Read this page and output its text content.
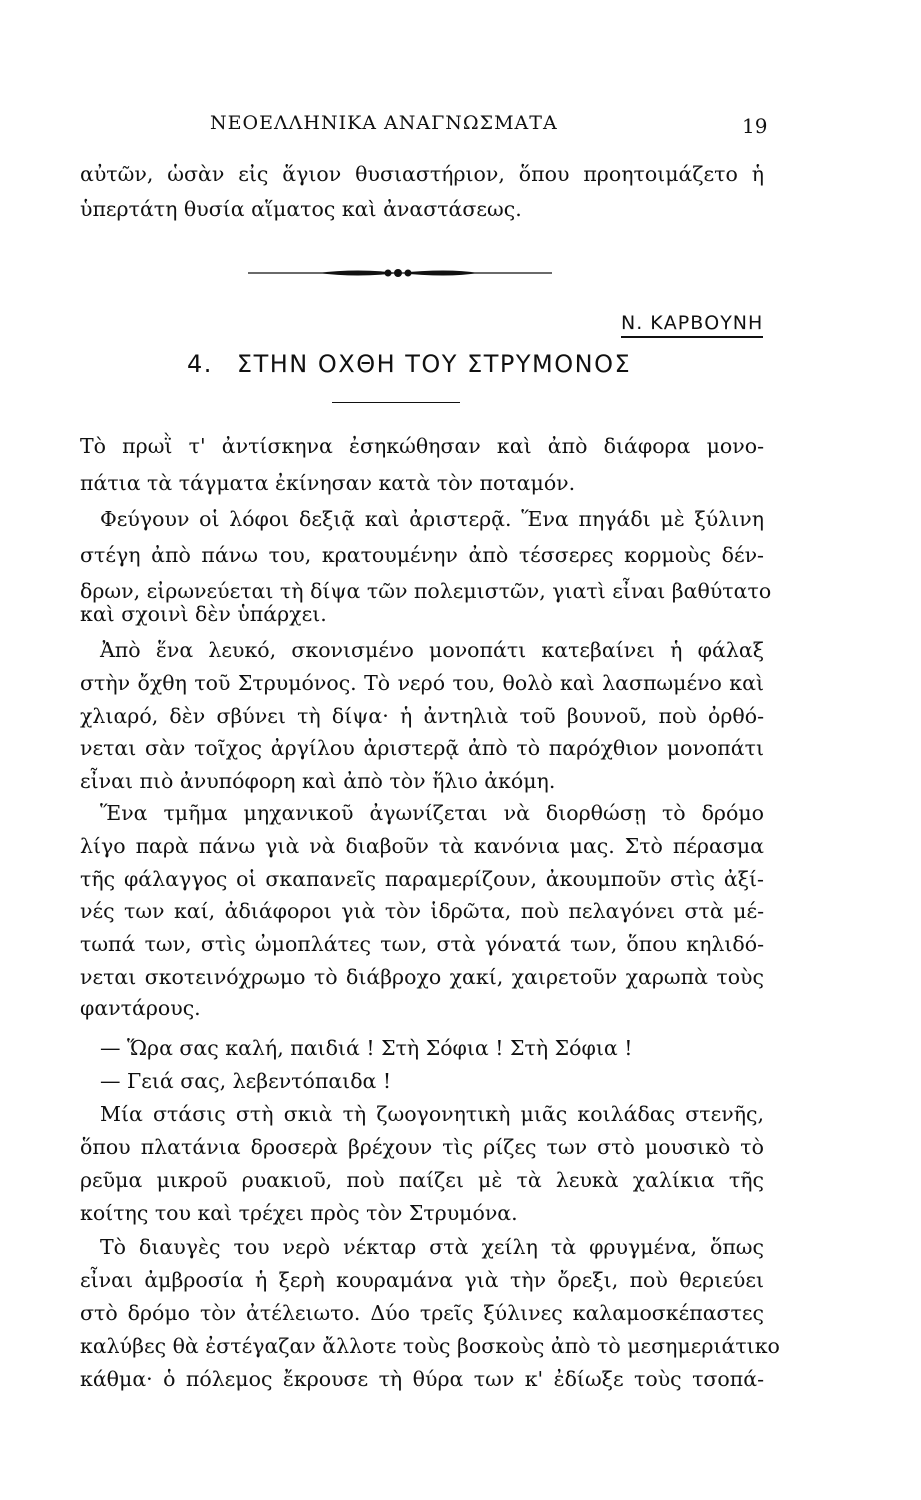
ΝΕΟΕΛΛΗΝΙΚΑ ΑΝΑΓΝΩΣΜΑΤΑ	19
αὐτῶν, ὡσὰν εἰς ἅγιον θυσιαστήριον, ὅπου προητοιμάζετο ἡ
ὑπερτάτη θυσία αἵματος καὶ ἀναστάσεως.
Ν. ΚΑΡΒΟΥΝΗ
4. ΣΤΗΝ ΟΧΘΗ ΤΟΥ ΣΤΡΥΜΟΝΟΣ
Τὸ πρωῒ τ' ἀντίσκηνα ἐσηκώθησαν καὶ ἀπὸ διάφορα μονο-
πάτια τὰ τάγματα ἐκίνησαν κατὰ τὸν ποταμόν.
Φεύγουν οἱ λόφοι δεξιᾷ καὶ ἀριστερᾷ. Ἕνα πηγάδι μὲ ξύλινη
στέγη ἀπὸ πάνω του, κρατουμένην ἀπὸ τέσσερες κορμοὺς δέν-
δρων, εἰρωνεύεται τὴ δίψα τῶν πολεμιστῶν, γιατὶ εἶναι βαθύτατο
καὶ σχοινὶ δὲν ὑπάρχει.
Ἀπὸ ἕνα λευκό, σκονισμένο μονοπάτι κατεβαίνει ἡ φάλαξ
στὴν ὄχθη τοῦ Στρυμόνος. Τὸ νερό του, θολὸ καὶ λασπωμένο καὶ
χλιαρό, δὲν σβύνει τὴ δίψα· ἡ ἀντηλιὰ τοῦ βουνοῦ, ποὺ ὀρθό-
νεται σὰν τοῖχος ἀργίλου ἀριστερᾷ ἀπὸ τὸ παρόχθιον μονοπάτι
εἶναι πιὸ ἀνυπόφορη καὶ ἀπὸ τὸν ἥλιο ἀκόμη.
Ἕνα τμῆμα μηχανικοῦ ἀγωνίζεται νὰ διορθώσῃ τὸ δρόμο
λίγο παρὰ πάνω γιὰ νὰ διαβοῦν τὰ κανόνια μας. Στὸ πέρασμα
τῆς φάλαγγος οἱ σκαπανεῖς παραμερίζουν, ἀκουμποῦν στὶς ἀξί-
νές των καί, ἀδιάφοροι γιὰ τὸν ἱδρῶτα, ποὺ πελαγόνει στὰ μέ-
τωπά των, στὶς ὠμοπλάτες των, στὰ γόνατά των, ὅπου κηλιδό-
νεται σκοτεινόχρωμο τὸ διάβροχο χακί, χαιρετοῦν χαρωπὰ τοὺς
φαντάρους.
— Ὥρα σας καλή, παιδιά ! Στὴ Σόφια ! Στὴ Σόφια !
— Γειά σας, λεβεντόπαιδα !
Μία στάσις στὴ σκιὰ τὴ ζωογονητικὴ μιᾶς κοιλάδας στενῆς,
ὅπου πλατάνια δροσερὰ βρέχουν τὶς ρίζες των στὸ μουσικὸ τὸ
ρεῦμα μικροῦ ρυακιοῦ, ποὺ παίζει μὲ τὰ λευκὰ χαλίκια τῆς
κοίτης του καὶ τρέχει πρὸς τὸν Στρυμόνα.
Τὸ διαυγὲς του νερὸ νέκταρ στὰ χείλη τὰ φρυγμένα, ὅπως
εἶναι ἀμβροσία ἡ ξερὴ κουραμάνα γιὰ τὴν ὄρεξι, ποὺ θεριεύει
στὸ δρόμο τὸν ἀτέλειωτο. Δύο τρεῖς ξύλινες καλαμοσκέπαστες
καλύβες θὰ ἐστέγαζαν ἄλλοτε τοὺς βοσκοὺς ἀπὸ τὸ μεσημεριάτικο
κάθμα· ὁ πόλεμος ἔκρουσε τὴ θύρα των κ' ἐδίωξε τοὺς τσοπά-
